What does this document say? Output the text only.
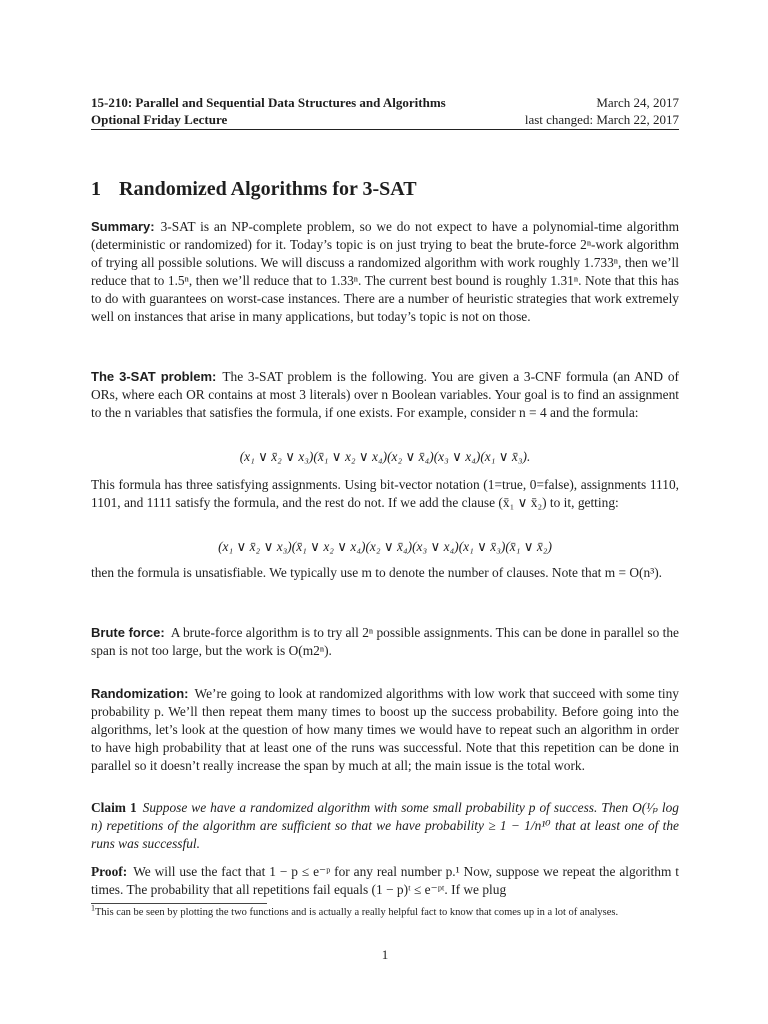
15-210: Parallel and Sequential Data Structures and Algorithms	March 24, 2017
Optional Friday Lecture	last changed: March 22, 2017
1 Randomized Algorithms for 3-SAT

Summary: 3-SAT is an NP-complete problem, so we do not expect to have a polynomial-time algorithm (deterministic or randomized) for it. Today’s topic is on just trying to beat the brute-force 2ⁿ-work algorithm of trying all possible solutions. We will discuss a randomized algorithm with work roughly 1.733ⁿ, then we’ll reduce that to 1.5ⁿ, then we’ll reduce that to 1.33ⁿ. The current best bound is roughly 1.31ⁿ. Note that this has to do with guarantees on worst-case instances. There are a number of heuristic strategies that work extremely well on instances that arise in many applications, but today’s topic is not on those.

The 3-SAT problem: The 3-SAT problem is the following. You are given a 3-CNF formula (an AND of ORs, where each OR contains at most 3 literals) over n Boolean variables. Your goal is to find an assignment to the n variables that satisfies the formula, if one exists. For example, consider n = 4 and the formula:

(x₁ ∨ x̄₂ ∨ x₃)(x̄₁ ∨ x₂ ∨ x₄)(x₂ ∨ x̄₄)(x₃ ∨ x₄)(x₁ ∨ x̄₃).

This formula has three satisfying assignments. Using bit-vector notation (1=true, 0=false), assignments 1110, 1101, and 1111 satisfy the formula, and the rest do not. If we add the clause (x̄₁ ∨ x̄₂) to it, getting:

(x₁ ∨ x̄₂ ∨ x₃)(x̄₁ ∨ x₂ ∨ x₄)(x₂ ∨ x̄₄)(x₃ ∨ x₄)(x₁ ∨ x̄₃)(x̄₁ ∨ x̄₂)

then the formula is unsatisfiable. We typically use m to denote the number of clauses. Note that m = O(n³).

Brute force: A brute-force algorithm is to try all 2ⁿ possible assignments. This can be done in parallel so the span is not too large, but the work is O(m2ⁿ).

Randomization: We’re going to look at randomized algorithms with low work that succeed with some tiny probability p. We’ll then repeat them many times to boost up the success probability. Before going into the algorithms, let’s look at the question of how many times we would have to repeat such an algorithm in order to have high probability that at least one of the runs was successful. Note that this repetition can be done in parallel so it doesn’t really increase the span by much at all; the main issue is the total work.

Claim 1 Suppose we have a randomized algorithm with some small probability p of success. Then O(¹⁄ₚ log n) repetitions of the algorithm are sufficient so that we have probability ≥ 1 − 1/n¹⁰ that at least one of the runs was successful.

Proof: We will use the fact that 1 − p ≤ e⁻ᵖ for any real number p.¹ Now, suppose we repeat the algorithm t times. The probability that all repetitions fail equals (1 − p)ᵗ ≤ e⁻ᵖᵗ. If we plug

$^1$This can be seen by plotting the two functions and is actually a really helpful fact to know that comes up in a lot of analyses.
1
